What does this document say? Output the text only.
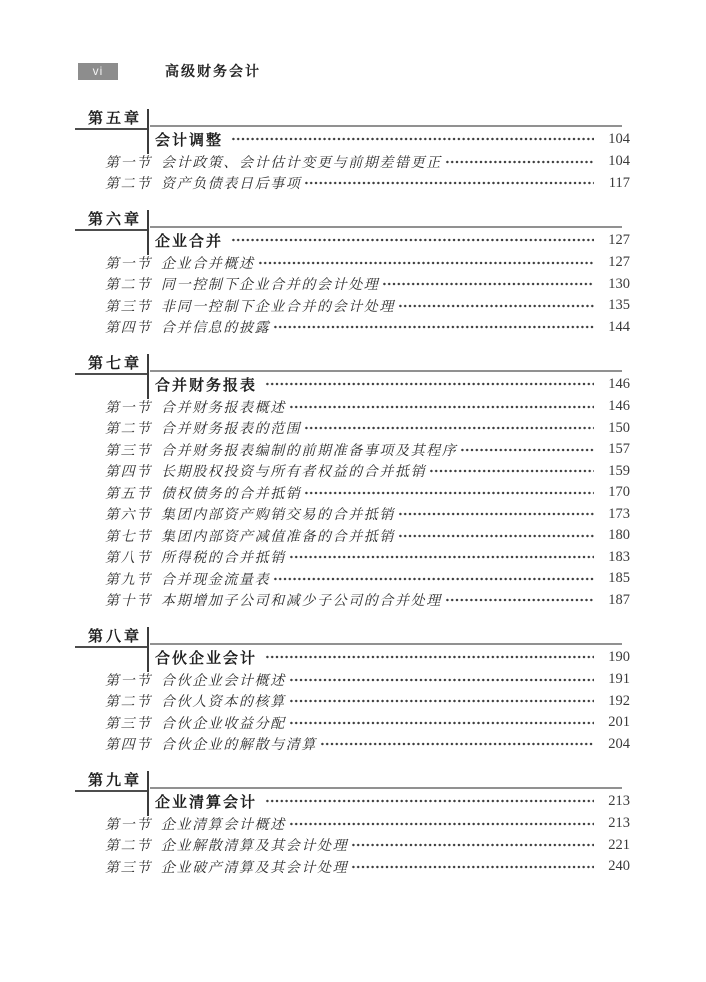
vi	高级财务会计
第五章
会计调整	104
第一节 会计政策、会计估计变更与前期差错更正	104
第二节 资产负债表日后事项	117
第六章
企业合并	127
第一节 企业合并概述	127
第二节 同一控制下企业合并的会计处理	130
第三节 非同一控制下企业合并的会计处理	135
第四节 合并信息的披露	144
第七章
合并财务报表	146
第一节 合并财务报表概述	146
第二节 合并财务报表的范围	150
第三节 合并财务报表编制的前期准备事项及其程序	157
第四节 长期股权投资与所有者权益的合并抵销	159
第五节 债权债务的合并抵销	170
第六节 集团内部资产购销交易的合并抵销	173
第七节 集团内部资产减值准备的合并抵销	180
第八节 所得税的合并抵销	183
第九节 合并现金流量表	185
第十节 本期增加子公司和减少子公司的合并处理	187
第八章
合伙企业会计	190
第一节 合伙企业会计概述	191
第二节 合伙人资本的核算	192
第三节 合伙企业收益分配	201
第四节 合伙企业的解散与清算	204
第九章
企业清算会计	213
第一节 企业清算会计概述	213
第二节 企业解散清算及其会计处理	221
第三节 企业破产清算及其会计处理	240
